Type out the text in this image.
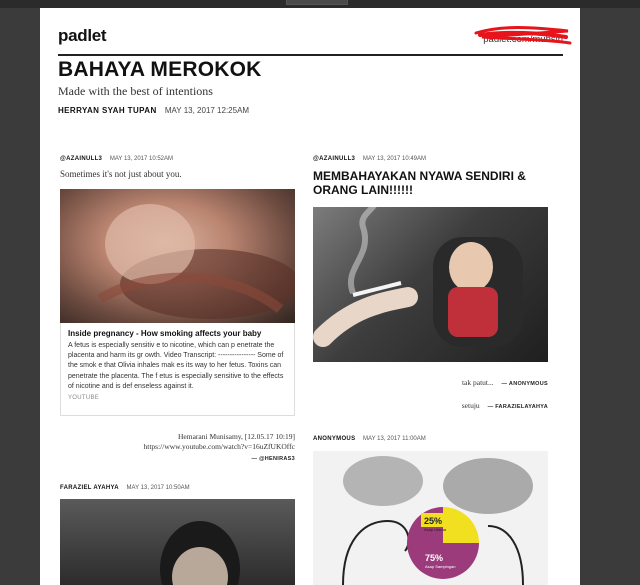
padlet	padlet.com/muhsin
BAHAYA MEROKOK
Made with the best of intentions
HERRYAN SYAH TUPAN MAY 13, 2017 12:25AM
@AZAINULL3 MAY 13, 2017 10:52AM
Sometimes it's not just about you.
Inside pregnancy - How smoking affects your baby
A fetus is especially sensitiv e to nicotine, which can p enetrate the placenta and harm its gr owth. Video Transcript: ---------------- Some of the smok e that Olivia inhales mak es its way to her fetus. Toxins can penetrate the placenta. The f etus is especially sensitive to the effects of nicotine and is def enseless against it.
YOUTUBE
Hemarani Munisamy, [12.05.17 10:19]
https://www.youtube.com/watch?v=16uZfUKOffc
— @HENIRAS3
FARAZIEL AYAHYA MAY 13, 2017 10:50AM
@AZAINULL3 MAY 13, 2017 10:49AM
MEMBAHAYAKAN NYAWA SENDIRI & ORANG LAIN!!!!!!
tak patut... — ANONYMOUS
setuju — FARAZIELAYAHYA
ANONYMOUS MAY 13, 2017 11:00AM
25%
Asap Utama
75%
Asap Sampingan
